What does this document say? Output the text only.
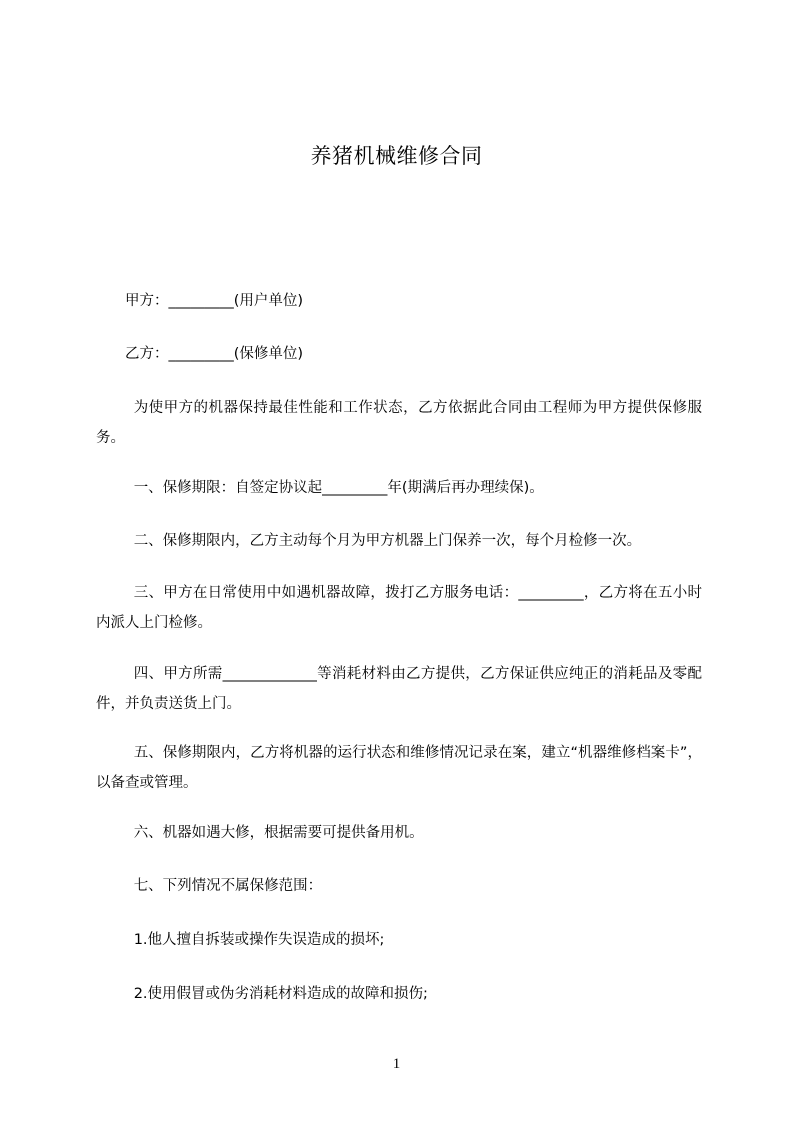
养猪机械维修合同
甲方：_________(用户单位)
乙方：_________(保修单位)
为使甲方的机器保持最佳性能和工作状态，乙方依据此合同由工程师为甲方提供保修服务。
一、保修期限：自签定协议起_________年(期满后再办理续保)。
二、保修期限内，乙方主动每个月为甲方机器上门保养一次，每个月检修一次。
三、甲方在日常使用中如遇机器故障，拨打乙方服务电话：_________，乙方将在五小时内派人上门检修。
四、甲方所需_____________等消耗材料由乙方提供，乙方保证供应纯正的消耗品及零配件，并负责送货上门。
五、保修期限内，乙方将机器的运行状态和维修情况记录在案，建立“机器维修档案卡”，以备查或管理。
六、机器如遇大修，根据需要可提供备用机。
七、下列情况不属保修范围：
1.他人擅自拆装或操作失误造成的损坏;
2.使用假冒或伪劣消耗材料造成的故障和损伤;
1
